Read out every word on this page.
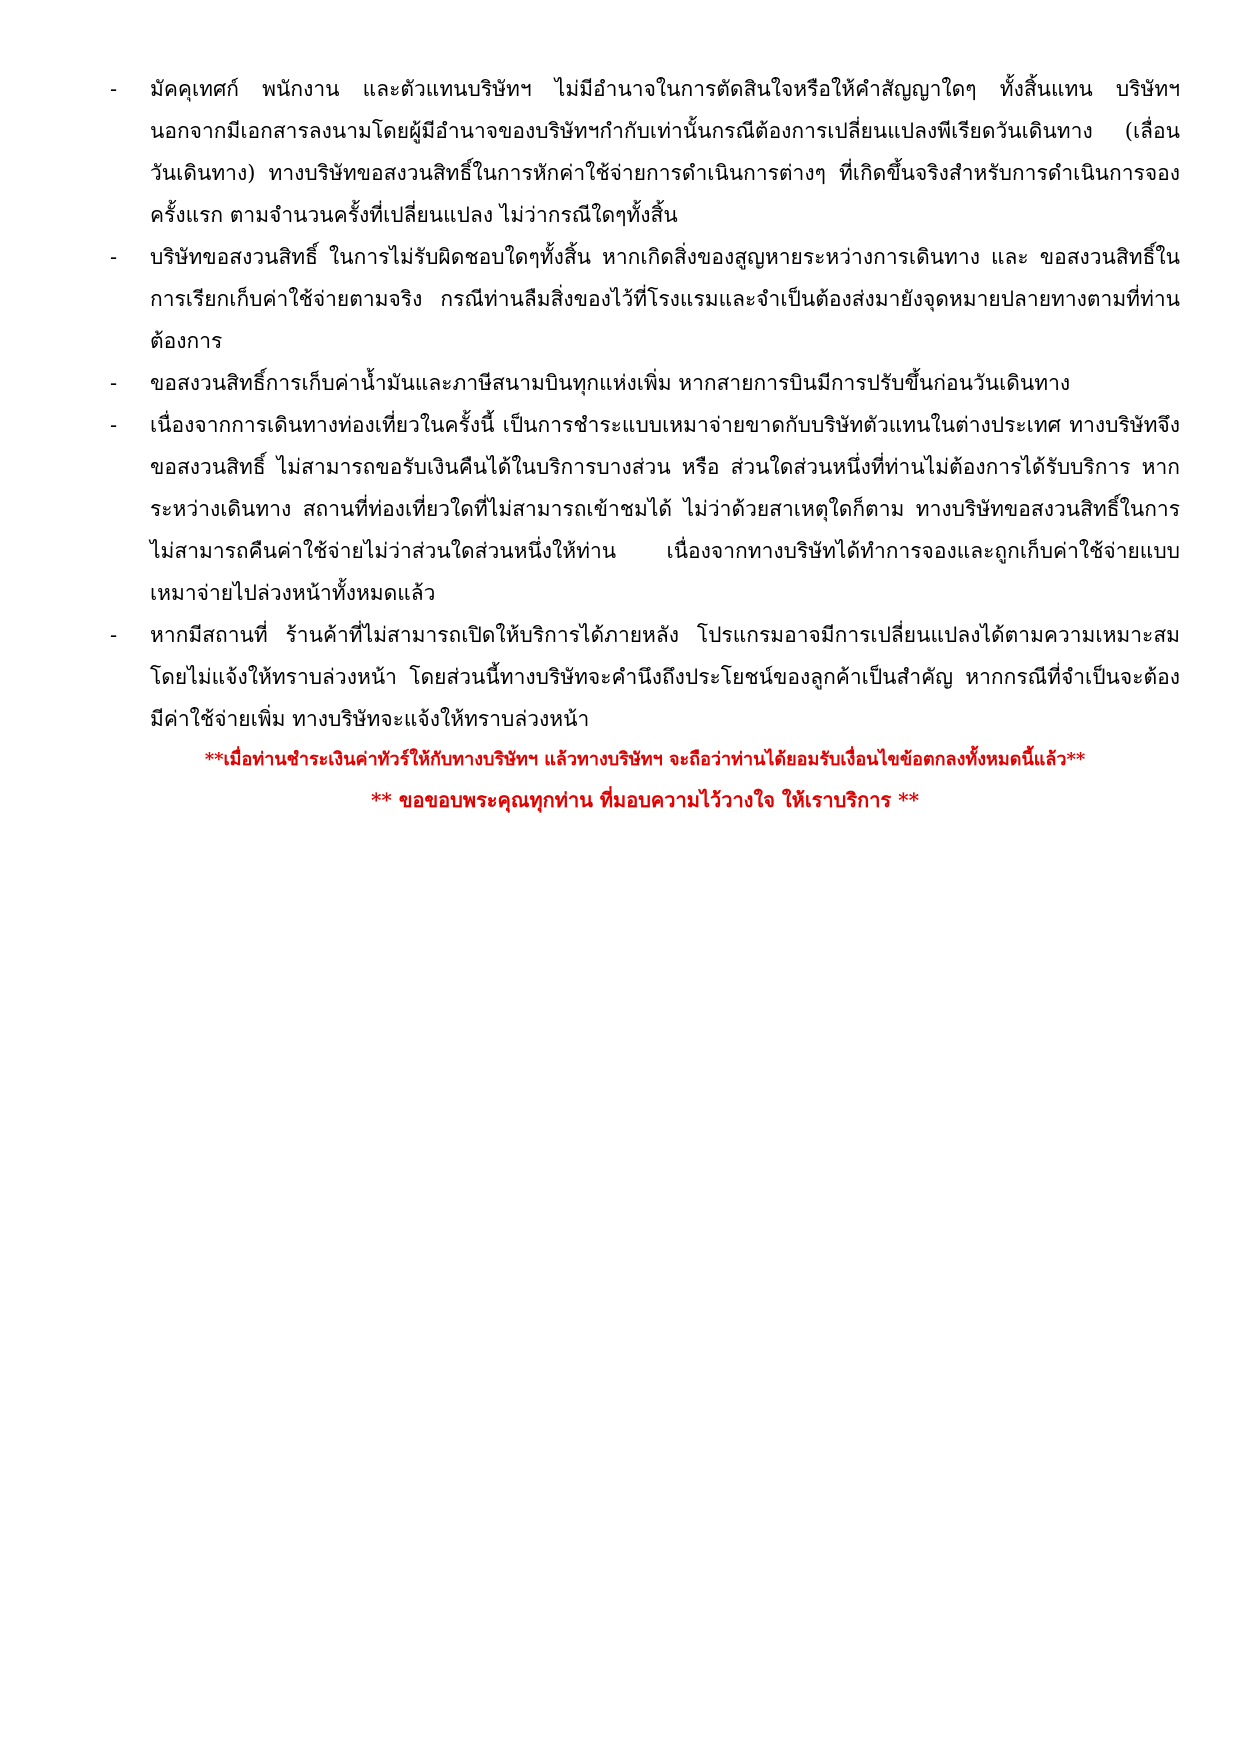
-	มัคคุเทศก์ พนักงาน และตัวแทนบริษัทฯ ไม่มีอำนาจในการตัดสินใจหรือให้คำสัญญาใดๆ ทั้งสิ้นแทน บริษัทฯ นอกจากมีเอกสารลงนามโดยผู้มีอำนาจของบริษัทฯกำกับเท่านั้นกรณีต้องการเปลี่ยนแปลงพีเรียดวันเดินทาง (เลื่อนวันเดินทาง) ทางบริษัทขอสงวนสิทธิ์ในการหักค่าใช้จ่ายการดำเนินการต่างๆ ที่เกิดขึ้นจริงสำหรับการดำเนินการจองครั้งแรก ตามจำนวนครั้งที่เปลี่ยนแปลง ไม่ว่ากรณีใดๆทั้งสิ้น
-	บริษัทขอสงวนสิทธิ์ ในการไม่รับผิดชอบใดๆทั้งสิ้น หากเกิดสิ่งของสูญหายระหว่างการเดินทาง และ ขอสงวนสิทธิ์ในการเรียกเก็บค่าใช้จ่ายตามจริง กรณีท่านลืมสิ่งของไว้ที่โรงแรมและจำเป็นต้องส่งมายังจุดหมายปลายทางตามที่ท่านต้องการ
-	ขอสงวนสิทธิ์การเก็บค่าน้ำมันและภาษีสนามบินทุกแห่งเพิ่ม หากสายการบินมีการปรับขึ้นก่อนวันเดินทาง
-	เนื่องจากการเดินทางท่องเที่ยวในครั้งนี้ เป็นการชำระแบบเหมาจ่ายขาดกับบริษัทตัวแทนในต่างประเทศ ทางบริษัทจึงขอสงวนสิทธิ์ ไม่สามารถขอรับเงินคืนได้ในบริการบางส่วน หรือ ส่วนใดส่วนหนึ่งที่ท่านไม่ต้องการได้รับบริการ หากระหว่างเดินทาง สถานที่ท่องเที่ยวใดที่ไม่สามารถเข้าชมได้ ไม่ว่าด้วยสาเหตุใดก็ตาม ทางบริษัทขอสงวนสิทธิ์ในการไม่สามารถคืนค่าใช้จ่ายไม่ว่าส่วนใดส่วนหนึ่งให้ท่าน เนื่องจากทางบริษัทได้ทำการจองและถูกเก็บค่าใช้จ่ายแบบเหมาจ่ายไปล่วงหน้าทั้งหมดแล้ว
-	หากมีสถานที่ ร้านค้าที่ไม่สามารถเปิดให้บริการได้ภายหลัง โปรแกรมอาจมีการเปลี่ยนแปลงได้ตามความเหมาะสม โดยไม่แจ้งให้ทราบล่วงหน้า โดยส่วนนี้ทางบริษัทจะคำนึงถึงประโยชน์ของลูกค้าเป็นสำคัญ หากกรณีที่จำเป็นจะต้องมีค่าใช้จ่ายเพิ่ม ทางบริษัทจะแจ้งให้ทราบล่วงหน้า

**เมื่อท่านชำระเงินค่าทัวร์ให้กับทางบริษัทฯ แล้วทางบริษัทฯ จะถือว่าท่านได้ยอมรับเงื่อนไขข้อตกลงทั้งหมดนี้แล้ว**

** ขอขอบพระคุณทุกท่าน ที่มอบความไว้วางใจ ให้เราบริการ **
